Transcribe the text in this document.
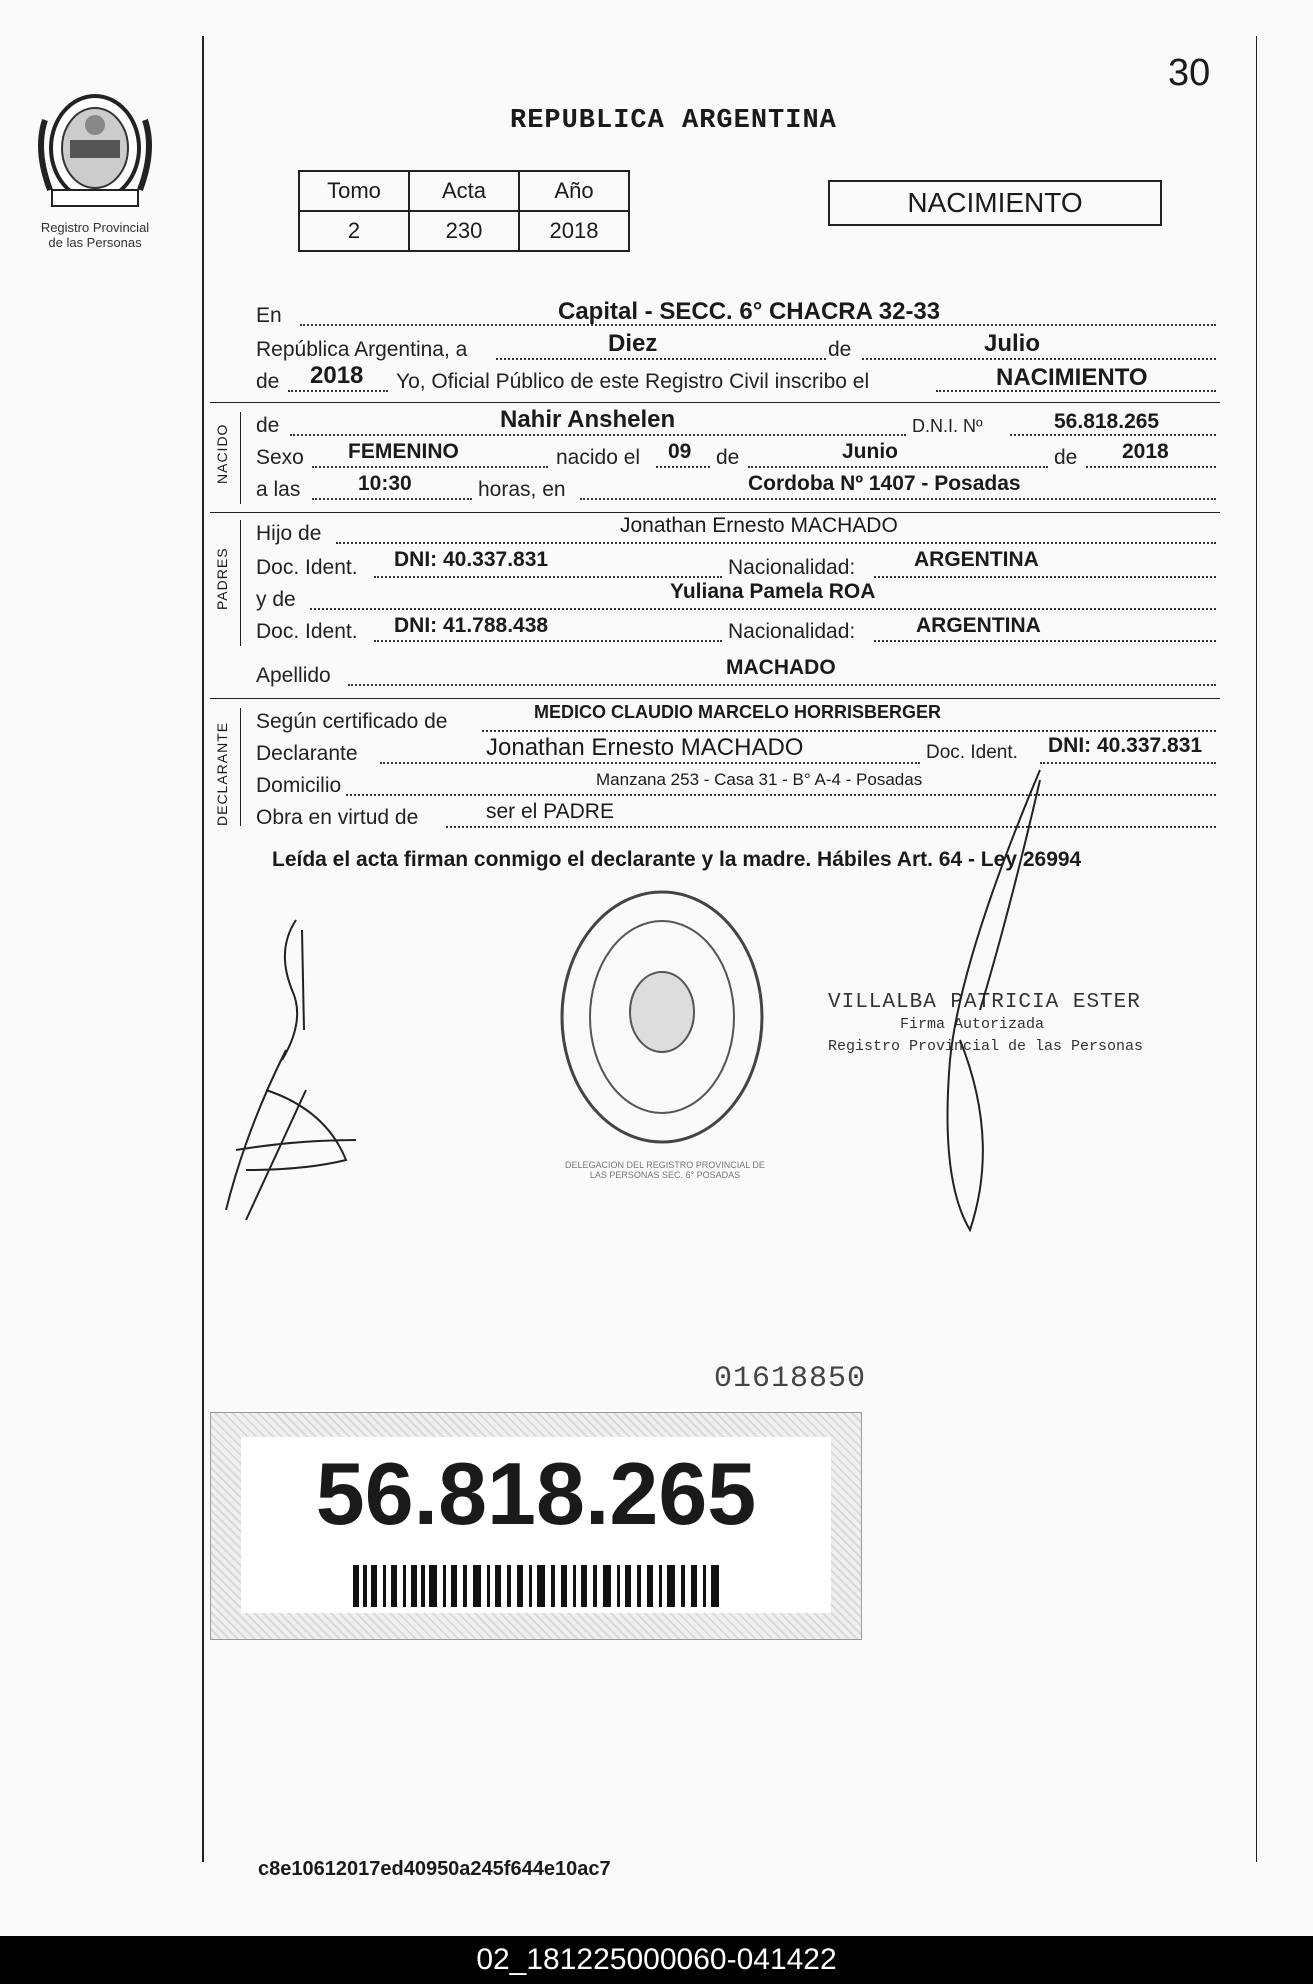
30
REPUBLICA ARGENTINA
Registro Provincial
de las Personas
Tomo	Acta	Año
2	230	2018
NACIMIENTO
En	Capital - SECC. 6° CHACRA 32-33
República Argentina, a	Diez	de	Julio
de 2018 Yo, Oficial Público de este Registro Civil inscribo el	NACIMIENTO
NACIDO de	Nahir Anshelen	D.N.I. Nº	56.818.265
Sexo FEMENINO	nacido el 09 de	Junio	de 2018
a las	10:30	horas, en	Cordoba Nº 1407 - Posadas
PADRES
Hijo de	Jonathan Ernesto MACHADO
Doc. Ident. DNI: 40.337.831	Nacionalidad:	ARGENTINA
y de	Yuliana Pamela ROA
Doc. Ident. DNI: 41.788.438	Nacionalidad:	ARGENTINA
Apellido	MACHADO
DECLARANTE
Según certificado de	MEDICO CLAUDIO MARCELO HORRISBERGER
Declarante	Jonathan Ernesto MACHADO	Doc. Ident. DNI: 40.337.831
Domicilio	Manzana 253 - Casa 31 - B° A-4 - Posadas
Obra en virtud de	ser el PADRE
Leída el acta firman conmigo el declarante y la madre. Hábiles Art. 64 - Ley 26994
DELEGACION DEL REGISTRO PROVINCIAL DE LAS PERSONAS SEC. 6° POSADAS
VILLALBA PATRICIA ESTER
Firma Autorizada
Registro Provincial de las Personas
01618850
56.818.265
c8e10612017ed40950a245f644e10ac7
02_181225000060-041422
